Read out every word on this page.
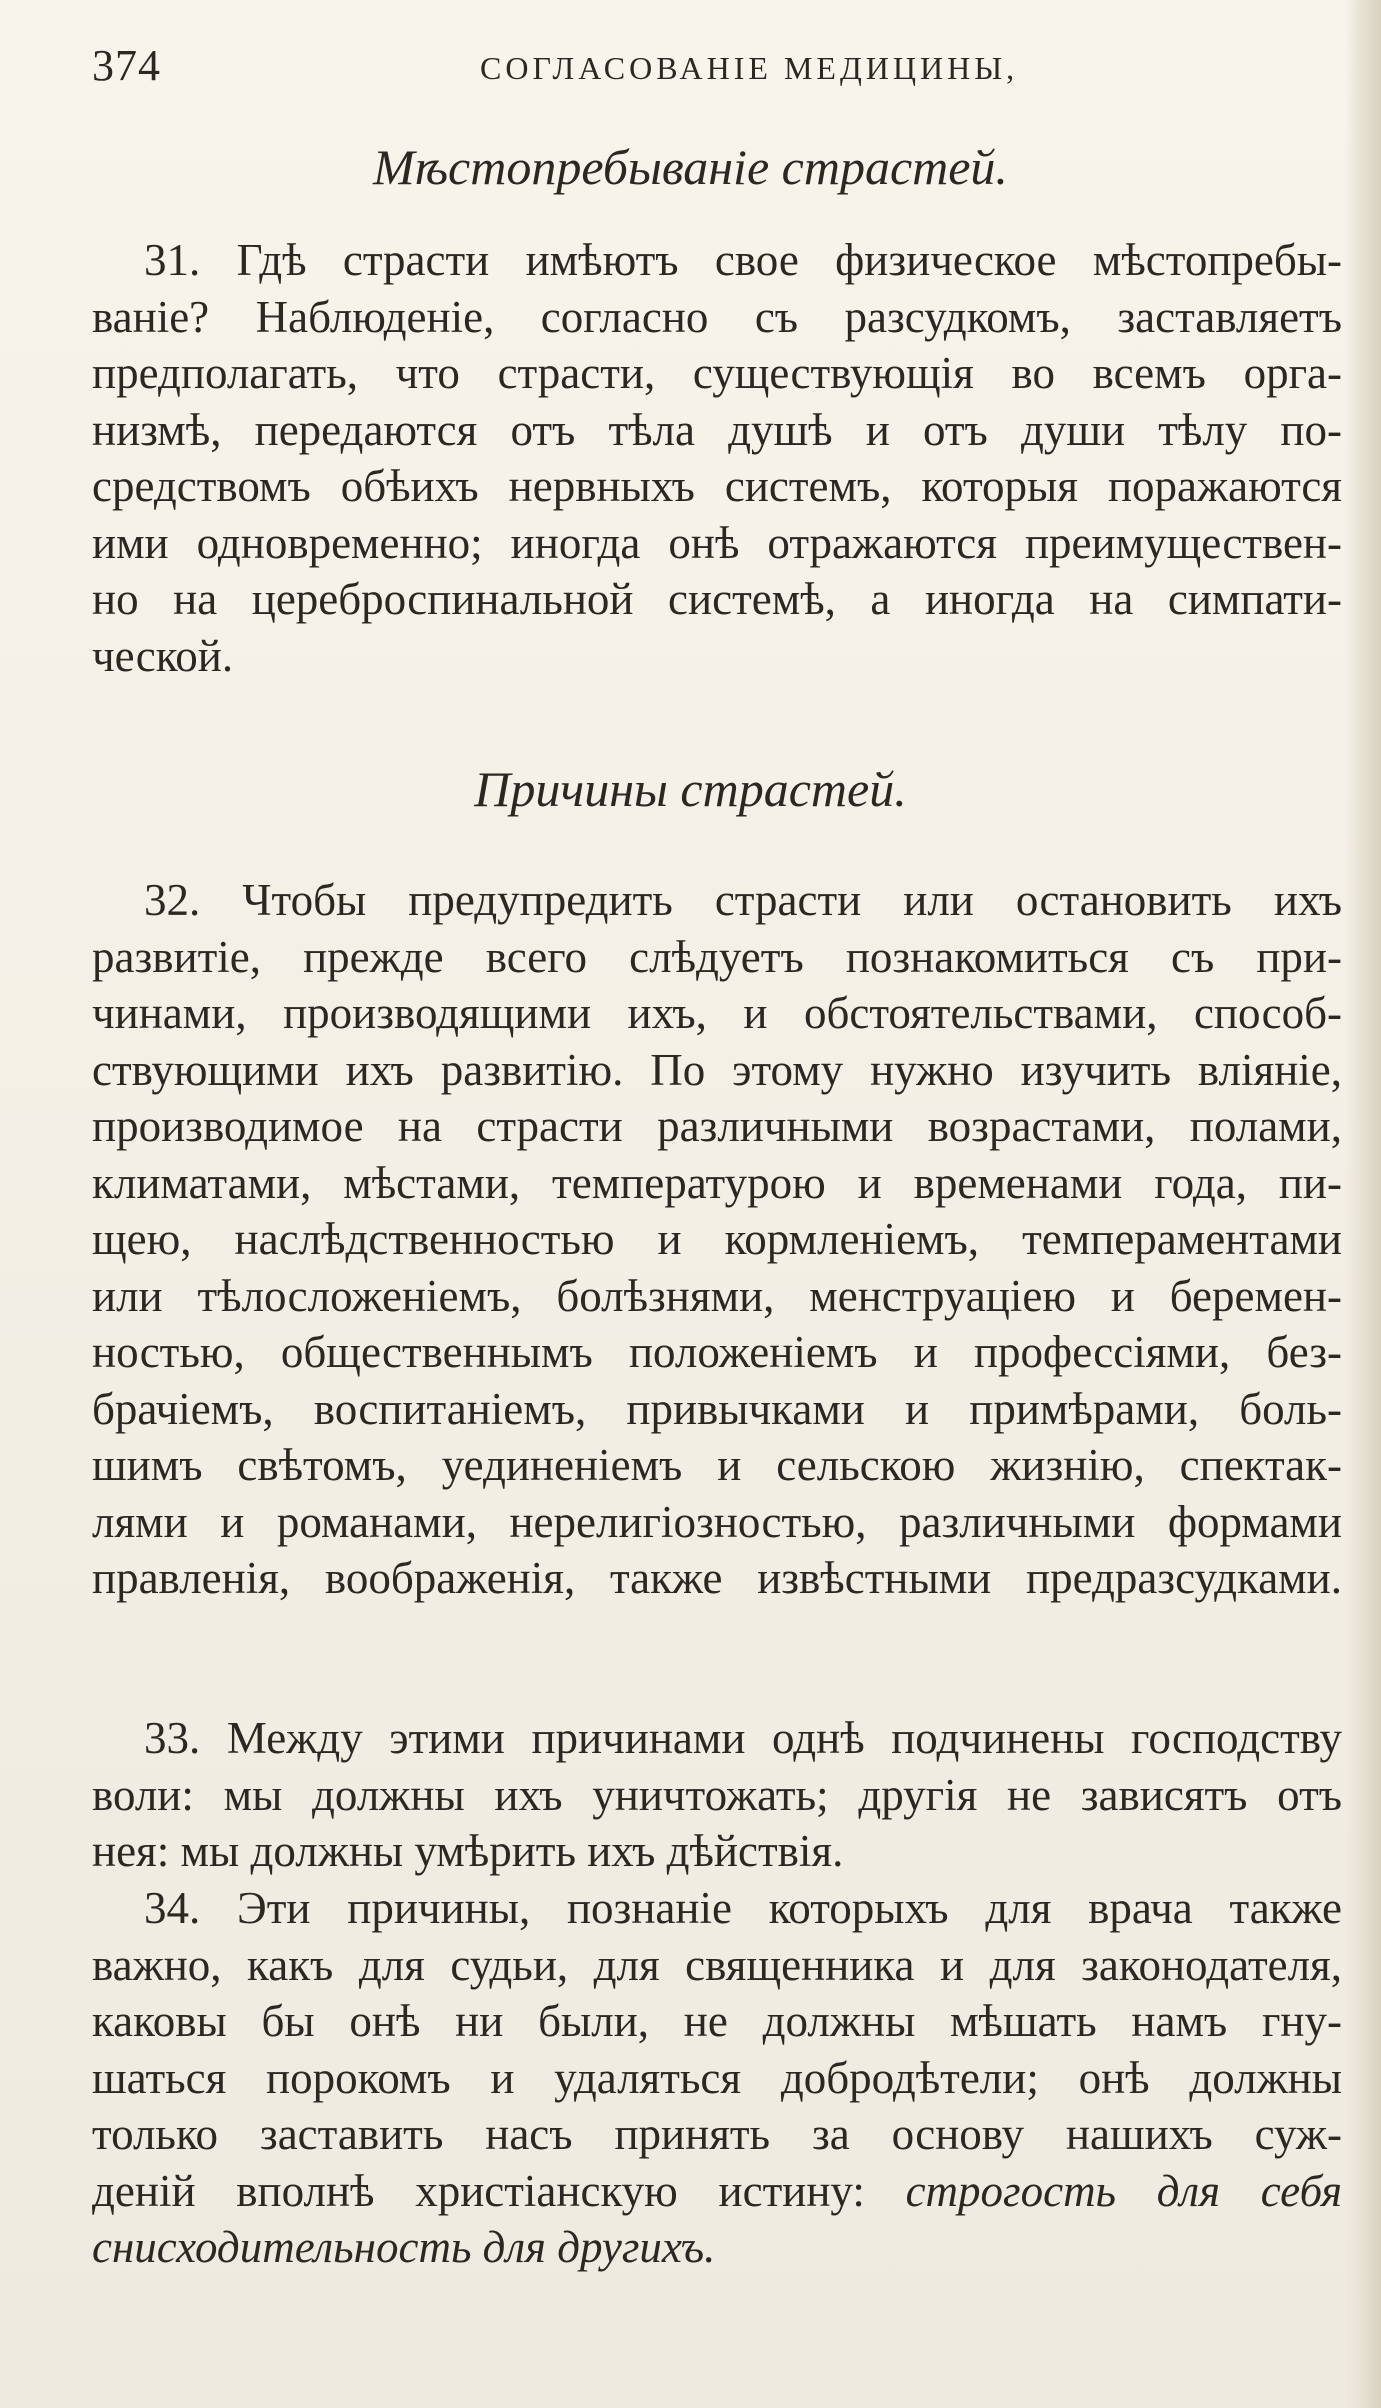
374	СОГЛАСОВАНІЕ МЕДИЦИНЫ,
Мѣстопребываніе страстей.
31. Гдѣ страсти имѣютъ свое физическое мѣстопребы-
ваніе? Наблюденіе, согласно съ разсудкомъ, заставляетъ
предполагать, что страсти, существующія во всемъ орга-
низмѣ, передаются отъ тѣла душѣ и отъ души тѣлу по-
средствомъ обѣихъ нервныхъ системъ, которыя поражаются
ими одновременно; иногда онѣ отражаются преимуществен-
но на цереброспинальной системѣ, а иногда на симпати-
ческой.
Причины страстей.
32. Чтобы предупредить страсти или остановить ихъ
развитіе, прежде всего слѣдуетъ познакомиться съ при-
чинами, производящими ихъ, и обстоятельствами, способ-
ствующими ихъ развитію. По этому нужно изучить вліяніе,
производимое на страсти различными возрастами, полами,
климатами, мѣстами, температурою и временами года, пи-
щею, наслѣдственностью и кормленіемъ, темпераментами
или тѣлосложеніемъ, болѣзнями, менструаціею и беремен-
ностью, общественнымъ положеніемъ и профессіями, без-
брачіемъ, воспитаніемъ, привычками и примѣрами, боль-
шимъ свѣтомъ, уединеніемъ и сельскою жизнію, спектак-
лями и романами, нерелигіозностью, различными формами
правленія, воображенія, также извѣстными предразсудками.
33. Между этими причинами однѣ подчинены господству
воли: мы должны ихъ уничтожать; другія не зависятъ отъ
нея: мы должны умѣрить ихъ дѣйствія.
34. Эти причины, познаніе которыхъ для врача также
важно, какъ для судьи, для священника и для законодателя,
каковы бы онѣ ни были, не должны мѣшать намъ гну-
шаться порокомъ и удаляться добродѣтели; онѣ должны
только заставить насъ принять за основу нашихъ суж-
деній вполнѣ христіанскую истину: строгость для себя
снисходительность для другихъ.
